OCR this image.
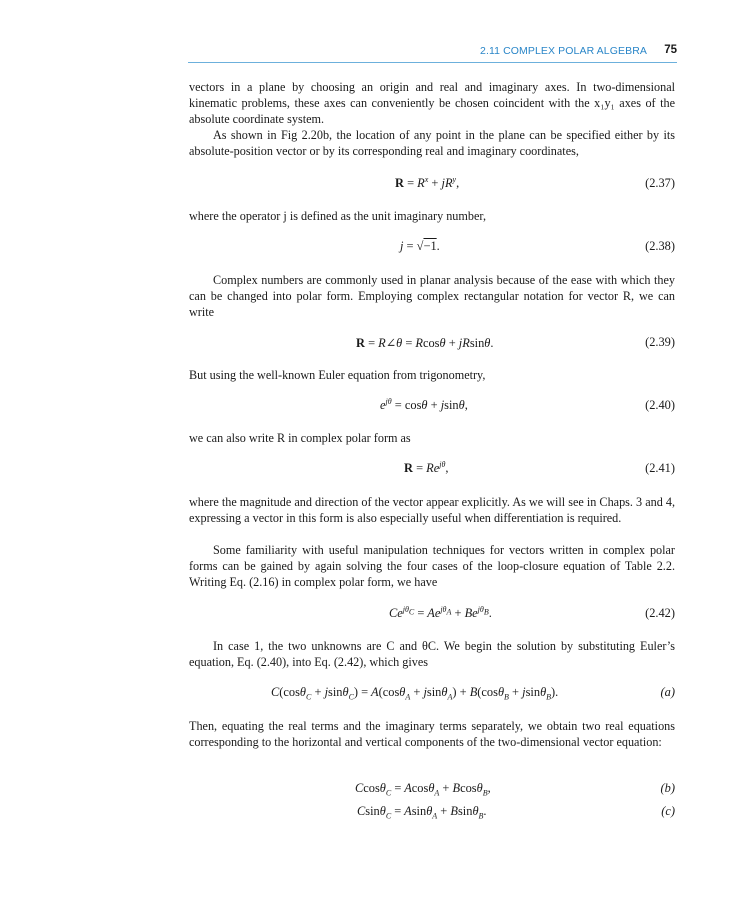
2.11 COMPLEX POLAR ALGEBRA 75

vectors in a plane by choosing an origin and real and imaginary axes. In two-dimensional kinematic problems, these axes can conveniently be chosen coincident with the x₁y₁ axes of the absolute coordinate system.

As shown in Fig 2.20b, the location of any point in the plane can be specified either by its absolute-position vector or by its corresponding real and imaginary coordinates,

$R = R^x + jR^y$,	(2.37)

where the operator j is defined as the unit imaginary number,

j = √−1.	(2.38)

Complex numbers are commonly used in planar analysis because of the ease with which they can be changed into polar form. Employing complex rectangular notation for vector R, we can write

R = R∠θ = Rcosθ + jRsinθ.	(2.39)

But using the well-known Euler equation from trigonometry,

$e^{j\theta} = \cos\theta + jsin\theta$,	(2.40)

we can also write R in complex polar form as

$R = Re^{j\theta}$,	(2.41)

where the magnitude and direction of the vector appear explicitly. As we will see in Chaps. 3 and 4, expressing a vector in this form is also especially useful when differentiation is required.

Some familiarity with useful manipulation techniques for vectors written in complex polar forms can be gained by again solving the four cases of the loop-closure equation of Table 2.2. Writing Eq. (2.16) in complex polar form, we have

$Ce^{j\theta_C} = Ae^{j\theta_A} + Be^{j\theta_B}$.	(2.42)

In case 1, the two unknowns are C and θC. We begin the solution by substituting Euler’s equation, Eq. (2.40), into Eq. (2.42), which gives

C(cosθ$_C$ + jsinθ$_C$) = A(cosθ$_A$ + jsinθ$_A$) + B(cosθ$_B$ + jsinθ$_B$).	(a)

Then, equating the real terms and the imaginary terms separately, we obtain two real equations corresponding to the horizontal and vertical components of the two-dimensional vector equation:

Ccosθ$_C$ = Acosθ$_A$ + Bcosθ$_B$,	(b)
Csinθ$_C$ = Asinθ$_A$ + Bsinθ$_B$.	(c)
